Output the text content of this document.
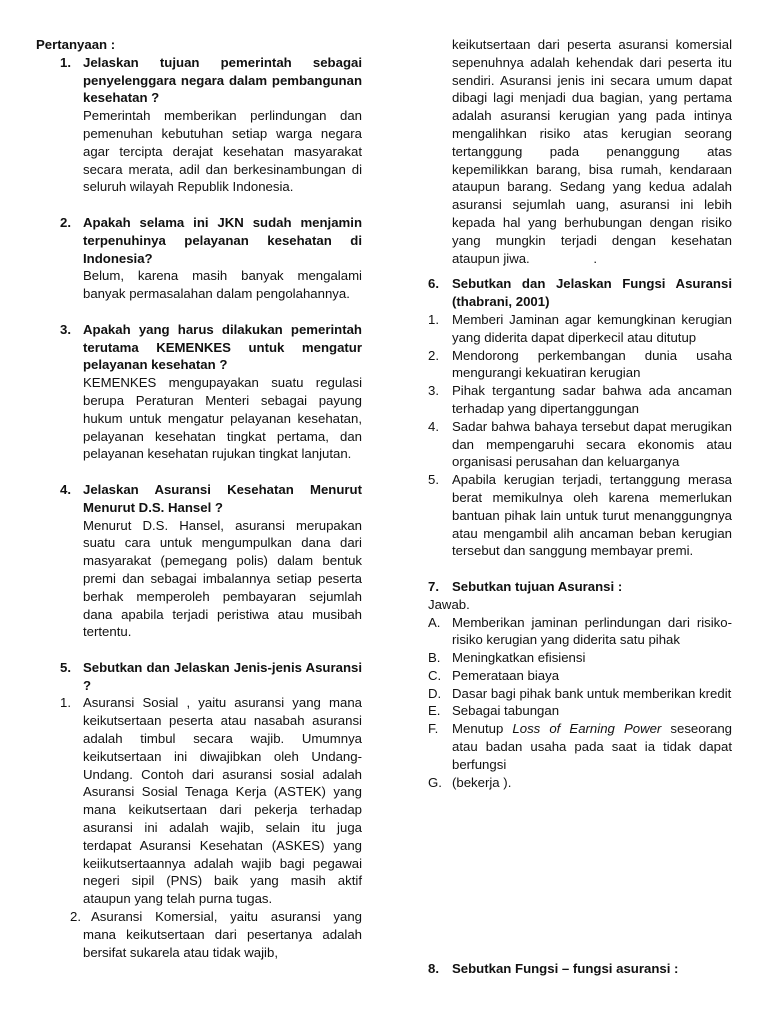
Pertanyaan :
1. Jelaskan tujuan pemerintah sebagai penyelenggara negara dalam pembangunan kesehatan ?
Pemerintah memberikan perlindungan dan pemenuhan kebutuhan setiap warga negara agar tercipta derajat kesehatan masyarakat secara merata, adil dan berkesinambungan di seluruh wilayah Republik Indonesia.
2. Apakah selama ini JKN sudah menjamin terpenuhinya pelayanan kesehatan di Indonesia?
Belum, karena masih banyak mengalami banyak permasalahan dalam pengolahannya.
3. Apakah yang harus dilakukan pemerintah terutama KEMENKES untuk mengatur pelayanan kesehatan ?
KEMENKES mengupayakan suatu regulasi berupa Peraturan Menteri sebagai payung hukum untuk mengatur pelayanan kesehatan, pelayanan kesehatan tingkat pertama, dan pelayanan kesehatan rujukan tingkat lanjutan.
4. Jelaskan Asuransi Kesehatan Menurut Menurut D.S. Hansel ?
Menurut D.S. Hansel, asuransi merupakan suatu cara untuk mengumpulkan dana dari masyarakat (pemegang polis) dalam bentuk premi dan sebagai imbalannya setiap peserta berhak memperoleh pembayaran sejumlah dana apabila terjadi peristiwa atau musibah tertentu.
5. Sebutkan dan Jelaskan Jenis-jenis Asuransi ?
1. Asuransi Sosial , yaitu asuransi yang mana keikutsertaan peserta atau nasabah asuransi adalah timbul secara wajib. Umumnya keikutsertaan ini diwajibkan oleh Undang-Undang. Contoh dari asuransi sosial adalah Asuransi Sosial Tenaga Kerja (ASTEK) yang mana keikutsertaan dari pekerja terhadap asuransi ini adalah wajib, selain itu juga terdapat Asuransi Kesehatan (ASKES) yang keiikutsertaannya adalah wajib bagi pegawai negeri sipil (PNS) baik yang masih aktif ataupun yang telah purna tugas.
2. Asuransi Komersial, yaitu asuransi yang mana keikutsertaan dari pesertanya adalah bersifat sukarela atau tidak wajib,
keikutsertaan dari peserta asuransi komersial sepenuhnya adalah kehendak dari peserta itu sendiri. Asuransi jenis ini secara umum dapat dibagi lagi menjadi dua bagian, yang pertama adalah asuransi kerugian yang pada intinya mengalihkan risiko atas kerugian seorang tertanggung pada penanggung atas kepemilikkan barang, bisa rumah, kendaraan ataupun barang. Sedang yang kedua adalah asuransi sejumlah uang, asuransi ini lebih kepada hal yang berhubungan dengan risiko yang mungkin terjadi dengan kesehatan ataupun jiwa.	.
6. Sebutkan dan Jelaskan Fungsi Asuransi (thabrani, 2001)
1. Memberi Jaminan agar kemungkinan kerugian yang diderita dapat diperkecil atau ditutup
2. Mendorong perkembangan dunia usaha mengurangi kekuatiran kerugian
3. Pihak tergantung sadar bahwa ada ancaman terhadap yang dipertanggungan
4. Sadar bahwa bahaya tersebut dapat merugikan dan mempengaruhi secara ekonomis atau organisasi perusahan dan keluarganya
5. Apabila kerugian terjadi, tertanggung merasa berat memikulnya oleh karena memerlukan bantuan pihak lain untuk turut menanggungnya atau mengambil alih ancaman beban kerugian tersebut dan sanggung membayar premi.
7. Sebutkan tujuan Asuransi :
Jawab.
A. Memberikan jaminan perlindungan dari risiko-risiko kerugian yang diderita satu pihak
B. Meningkatkan efisiensi
C. Pemerataan biaya
D. Dasar bagi pihak bank untuk memberikan kredit
E. Sebagai tabungan
F.	Menutup Loss of Earning Power seseorang atau badan usaha pada saat ia tidak dapat berfungsi
G. (bekerja ).
8. Sebutkan Fungsi – fungsi asuransi :
